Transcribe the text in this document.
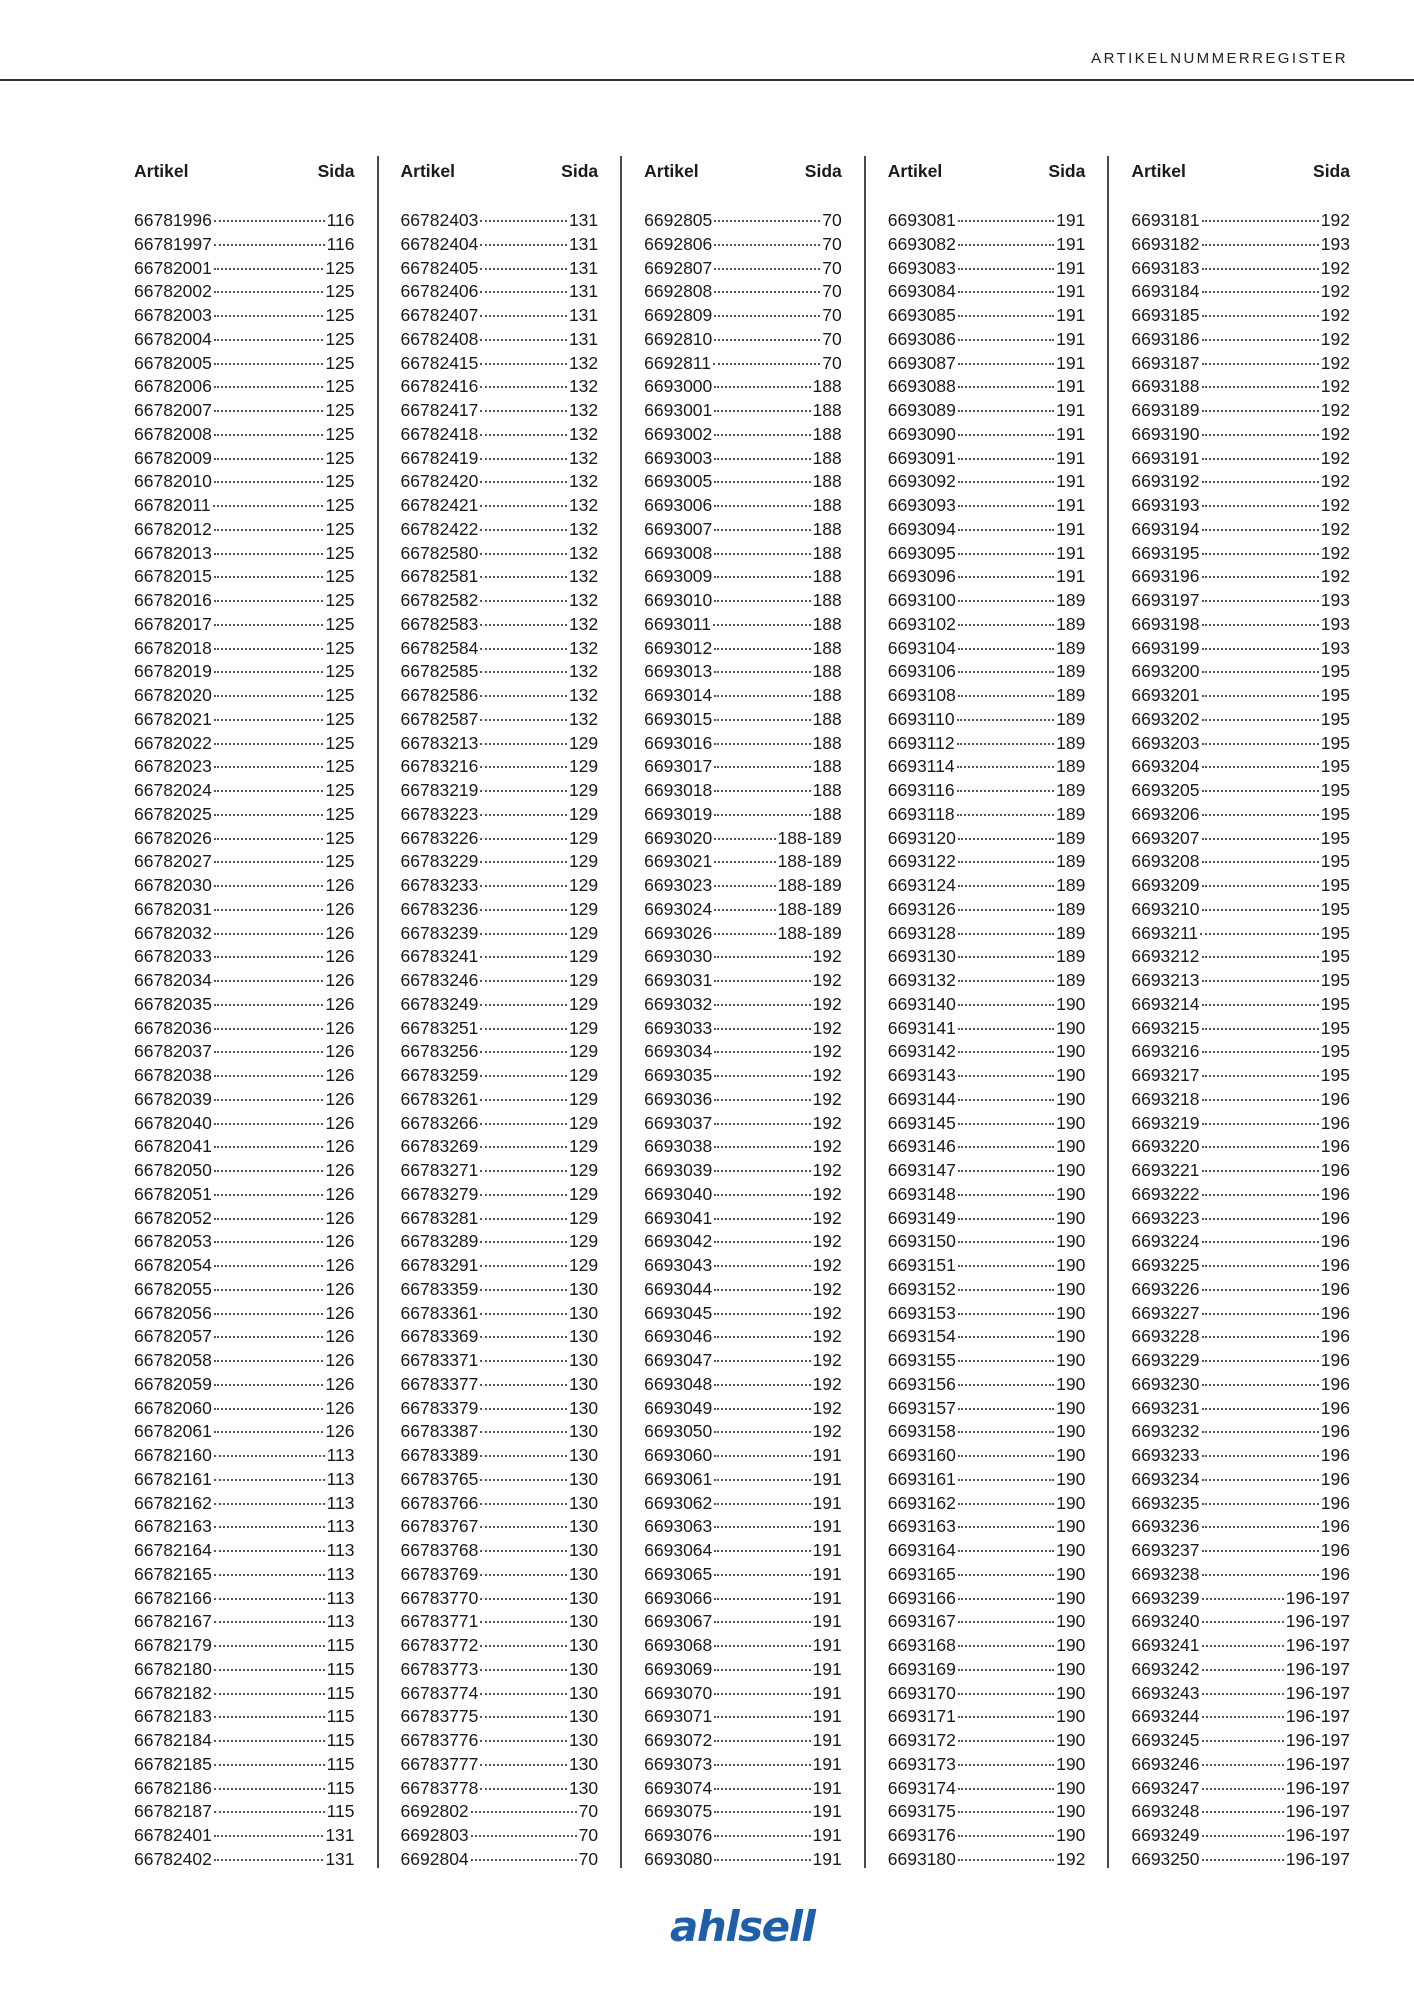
ARTIKELNUMMERREGISTER
Artikel	Sida
66781996	116
66781997	116
66782001	125
66782002	125
66782003	125
66782004	125
66782005	125
66782006	125
66782007	125
66782008	125
66782009	125
66782010	125
66782011	125
66782012	125
66782013	125
66782015	125
66782016	125
66782017	125
66782018	125
66782019	125
66782020	125
66782021	125
66782022	125
66782023	125
66782024	125
66782025	125
66782026	125
66782027	125
66782030	126
66782031	126
66782032	126
66782033	126
66782034	126
66782035	126
66782036	126
66782037	126
66782038	126
66782039	126
66782040	126
66782041	126
66782050	126
66782051	126
66782052	126
66782053	126
66782054	126
66782055	126
66782056	126
66782057	126
66782058	126
66782059	126
66782060	126
66782061	126
66782160	113
66782161	113
66782162	113
66782163	113
66782164	113
66782165	113
66782166	113
66782167	113
66782179	115
66782180	115
66782182	115
66782183	115
66782184	115
66782185	115
66782186	115
66782187	115
66782401	131
66782402	131
Artikel	Sida
66782403	131
66782404	131
66782405	131
66782406	131
66782407	131
66782408	131
66782415	132
66782416	132
66782417	132
66782418	132
66782419	132
66782420	132
66782421	132
66782422	132
66782580	132
66782581	132
66782582	132
66782583	132
66782584	132
66782585	132
66782586	132
66782587	132
66783213	129
66783216	129
66783219	129
66783223	129
66783226	129
66783229	129
66783233	129
66783236	129
66783239	129
66783241	129
66783246	129
66783249	129
66783251	129
66783256	129
66783259	129
66783261	129
66783266	129
66783269	129
66783271	129
66783279	129
66783281	129
66783289	129
66783291	129
66783359	130
66783361	130
66783369	130
66783371	130
66783377	130
66783379	130
66783387	130
66783389	130
66783765	130
66783766	130
66783767	130
66783768	130
66783769	130
66783770	130
66783771	130
66783772	130
66783773	130
66783774	130
66783775	130
66783776	130
66783777	130
66783778	130
6692802	70
6692803	70
6692804	70
Artikel	Sida
6692805	70
6692806	70
6692807	70
6692808	70
6692809	70
6692810	70
6692811	70
6693000	188
6693001	188
6693002	188
6693003	188
6693005	188
6693006	188
6693007	188
6693008	188
6693009	188
6693010	188
6693011	188
6693012	188
6693013	188
6693014	188
6693015	188
6693016	188
6693017	188
6693018	188
6693019	188
6693020	188-189
6693021	188-189
6693023	188-189
6693024	188-189
6693026	188-189
6693030	192
6693031	192
6693032	192
6693033	192
6693034	192
6693035	192
6693036	192
6693037	192
6693038	192
6693039	192
6693040	192
6693041	192
6693042	192
6693043	192
6693044	192
6693045	192
6693046	192
6693047	192
6693048	192
6693049	192
6693050	192
6693060	191
6693061	191
6693062	191
6693063	191
6693064	191
6693065	191
6693066	191
6693067	191
6693068	191
6693069	191
6693070	191
6693071	191
6693072	191
6693073	191
6693074	191
6693075	191
6693076	191
6693080	191
Artikel	Sida
6693081	191
6693082	191
6693083	191
6693084	191
6693085	191
6693086	191
6693087	191
6693088	191
6693089	191
6693090	191
6693091	191
6693092	191
6693093	191
6693094	191
6693095	191
6693096	191
6693100	189
6693102	189
6693104	189
6693106	189
6693108	189
6693110	189
6693112	189
6693114	189
6693116	189
6693118	189
6693120	189
6693122	189
6693124	189
6693126	189
6693128	189
6693130	189
6693132	189
6693140	190
6693141	190
6693142	190
6693143	190
6693144	190
6693145	190
6693146	190
6693147	190
6693148	190
6693149	190
6693150	190
6693151	190
6693152	190
6693153	190
6693154	190
6693155	190
6693156	190
6693157	190
6693158	190
6693160	190
6693161	190
6693162	190
6693163	190
6693164	190
6693165	190
6693166	190
6693167	190
6693168	190
6693169	190
6693170	190
6693171	190
6693172	190
6693173	190
6693174	190
6693175	190
6693176	190
6693180	192
Artikel	Sida
6693181	192
6693182	193
6693183	192
6693184	192
6693185	192
6693186	192
6693187	192
6693188	192
6693189	192
6693190	192
6693191	192
6693192	192
6693193	192
6693194	192
6693195	192
6693196	192
6693197	193
6693198	193
6693199	193
6693200	195
6693201	195
6693202	195
6693203	195
6693204	195
6693205	195
6693206	195
6693207	195
6693208	195
6693209	195
6693210	195
6693211	195
6693212	195
6693213	195
6693214	195
6693215	195
6693216	195
6693217	195
6693218	196
6693219	196
6693220	196
6693221	196
6693222	196
6693223	196
6693224	196
6693225	196
6693226	196
6693227	196
6693228	196
6693229	196
6693230	196
6693231	196
6693232	196
6693233	196
6693234	196
6693235	196
6693236	196
6693237	196
6693238	196
6693239	196-197
6693240	196-197
6693241	196-197
6693242	196-197
6693243	196-197
6693244	196-197
6693245	196-197
6693246	196-197
6693247	196-197
6693248	196-197
6693249	196-197
6693250	196-197
ahlsell
